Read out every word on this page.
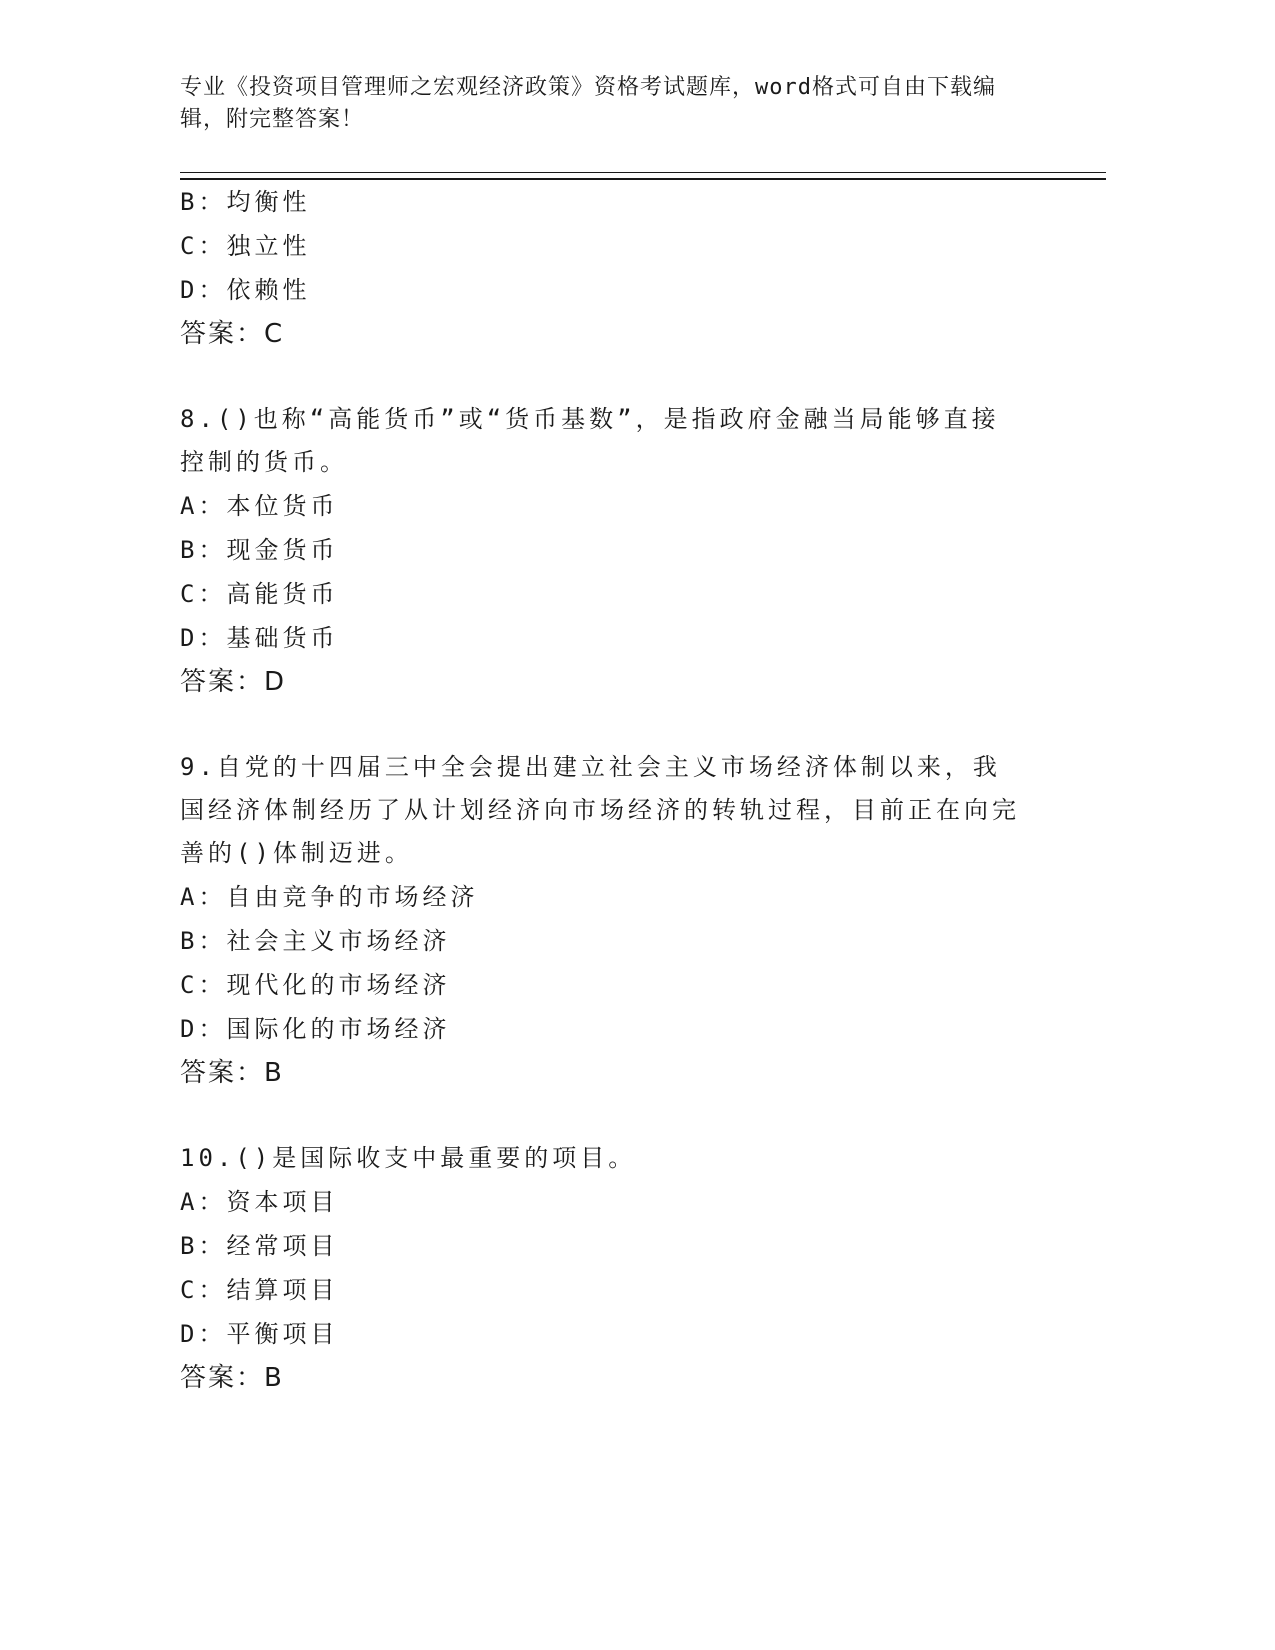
专业《投资项目管理师之宏观经济政策》资格考试题库，word格式可自由下载编辑，附完整答案！
B：均衡性
C：独立性
D：依赖性
答案：C
8.()也称“高能货币”或“货币基数”，是指政府金融当局能够直接控制的货币。
A：本位货币
B：现金货币
C：高能货币
D：基础货币
答案：D
9.自党的十四届三中全会提出建立社会主义市场经济体制以来，我国经济体制经历了从计划经济向市场经济的转轨过程，目前正在向完善的()体制迈进。
A：自由竞争的市场经济
B：社会主义市场经济
C：现代化的市场经济
D：国际化的市场经济
答案：B
10.()是国际收支中最重要的项目。
A：资本项目
B：经常项目
C：结算项目
D：平衡项目
答案：B
